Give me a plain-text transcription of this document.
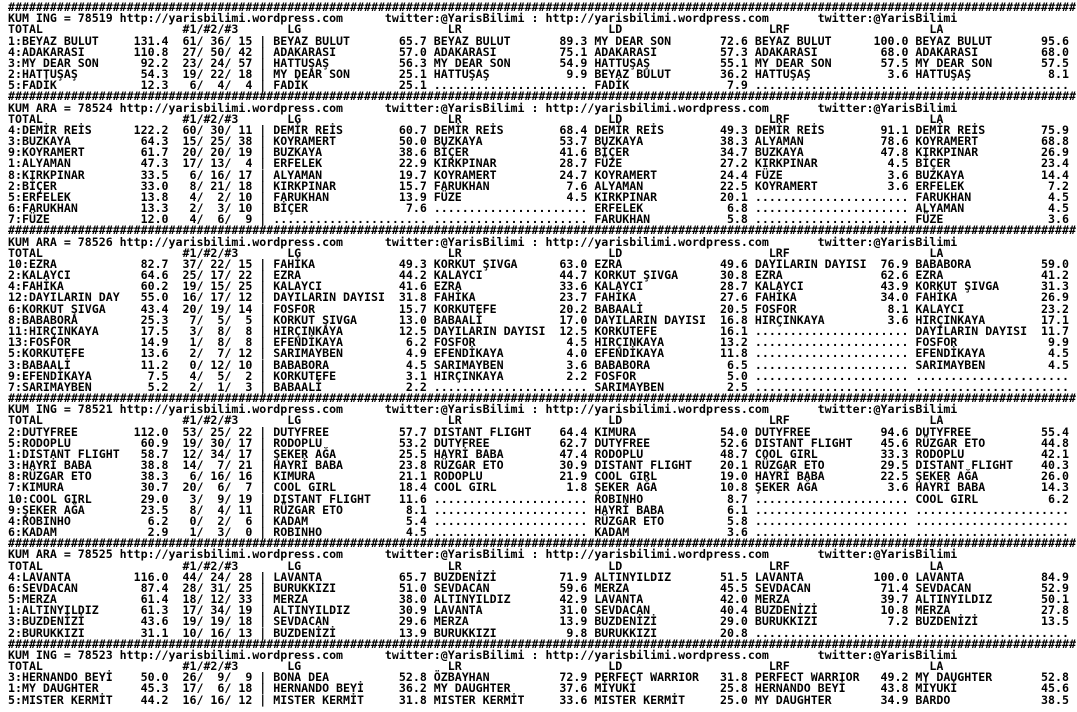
#########################################################################################################################################################
KUM ING = 78519 http://yarisbilimi.wordpress.com      twitter:@YarisBilimi : http://yarisbilimi.wordpress.com       twitter:@YarisBilimi
TOTAL                    #1/#2/#3       LG                     LR                     LD                     LRF                    LA
1:BEYAZ BULUT     131.4  61/ 36/ 15 | BEYAZ BULUT       65.7 BEYAZ BULUT       89.3 MY DEAR SON       72.6 BEYAZ BULUT      100.0 BEYAZ BULUT       95.6
4:ADAKARASI       110.8  27/ 50/ 42 | ADAKARASI         57.0 ADAKARASI         75.1 ADAKARASI         57.3 ADAKARASI         68.0 ADAKARASI         68.0
3:MY DEAR SON      92.2  23/ 24/ 57 | HATTUŞAŞ          56.3 MY DEAR SON       54.9 HATTUŞAŞ          55.1 MY DEAR SON       57.5 MY DEAR SON       57.5
2:HATTUŞAŞ         54.3  19/ 22/ 18 | MY DEAR SON       25.1 HATTUŞAŞ           9.9 BEYAZ BULUT       36.2 HATTUŞAŞ           3.6 HATTUŞAŞ           8.1
5:FADİK            12.3   6/  4/  4 | FADİK             25.1 ...................... FADİK              7.9 ...................... ......................
#########################################################################################################################################################
KUM ARA = 78524 http://yarisbilimi.wordpress.com      twitter:@YarisBilimi : http://yarisbilimi.wordpress.com       twitter:@YarisBilimi
TOTAL                    #1/#2/#3       LG                     LR                     LD                     LRF                    LA
4:DEMİR REİS      122.2  60/ 30/ 11 | DEMİR REİS        60.7 DEMİR REİS        68.4 DEMİR REİS        49.3 DEMİR REİS        91.1 DEMİR REİS        75.9
3:BUZKAYA          64.3  15/ 25/ 38 | KOYRAMERT         50.0 BUZKAYA           53.7 BUZKAYA           38.3 ALYAMAN           78.6 KOYRAMERT         68.8
9:KOYRAMERT        61.7  20/ 20/ 19 | BUZKAYA           38.6 BİÇER             41.6 BİÇER             34.7 BUZKAYA           47.8 KIRKPINAR         26.9
1:ALYAMAN          47.3  17/ 13/  4 | ERFELEK           22.9 KIRKPINAR         28.7 FÜZE              27.2 KIRKPINAR          4.5 BİÇER             23.4
8:KIRKPINAR        33.5   6/ 16/ 17 | ALYAMAN           19.7 KOYRAMERT         24.7 KOYRAMERT         24.4 FÜZE               3.6 BUZKAYA           14.4
2:BİÇER            33.0   8/ 21/ 18 | KIRKPINAR         15.7 FARUKHAN           7.6 ALYAMAN           22.5 KOYRAMERT          3.6 ERFELEK            7.2
5:ERFELEK          13.8   4/  2/ 10 | FARUKHAN          13.9 FÜZE               4.5 KIRKPINAR         20.1 ...................... FARUKHAN           4.5
6:FARUKHAN         13.3   2/  3/ 10 | BİÇER              7.6 ...................... ERFELEK            6.8 ...................... ALYAMAN            4.5
7:FÜZE             12.0   4/  6/  9 | ...................... ...................... FARUKHAN           5.8 ...................... FÜZE               3.6
#########################################################################################################################################################
KUM ARA = 78526 http://yarisbilimi.wordpress.com      twitter:@YarisBilimi : http://yarisbilimi.wordpress.com       twitter:@YarisBilimi
TOTAL                    #1/#2/#3       LG                     LR                     LD                     LRF                    LA
10:EZRA            82.7  37/ 22/ 15 | FAHİKA            49.3 KORKUT ŞIVGA      63.0 EZRA              49.6 DAYILARIN DAYISI  76.9 BABABORA          59.0
2:KALAYCI          64.6  25/ 17/ 22 | EZRA              44.2 KALAYCI           44.7 KORKUT ŞIVGA      30.8 EZRA              62.6 EZRA              41.2
4:FAHİKA           60.2  19/ 15/ 25 | KALAYCI           41.6 EZRA              33.6 KALAYCI           28.7 KALAYCI           43.9 KORKUT ŞIVGA      31.3
12:DAYILARIN DAY   55.0  16/ 17/ 12 | DAYILARIN DAYISI  31.8 FAHİKA            23.7 FAHİKA            27.6 FAHİKA            34.0 FAHİKA            26.9
6:KORKUT ŞIVGA     43.4  20/ 19/ 14 | FOSFOR            15.7 KORKUTEFE         20.2 BABAALİ           20.5 FOSFOR             8.1 KALAYCI           23.2
8:BABABORA         25.3   7/  5/  5 | KORKUT ŞIVGA      13.0 BABAALİ           17.0 DAYILARIN DAYISI  16.8 HIRÇINKAYA         3.6 HIRÇINKAYA        17.1
11:HIRÇINKAYA      17.5   3/  8/  8 | HIRÇINKAYA        12.5 DAYILARIN DAYISI  12.5 KORKUTEFE         16.1 ...................... DAYILARIN DAYISI  11.7
13:FOSFOR          14.9   1/  8/  8 | EFENDİKAYA         6.2 FOSFOR             4.5 HIRÇINKAYA        13.2 ...................... FOSFOR             9.9
5:KORKUTEFE        13.6   2/  7/ 12 | SARIMAYBEN         4.9 EFENDİKAYA         4.0 EFENDİKAYA        11.8 ...................... EFENDİKAYA         4.5
3:BABAALİ          11.2   0/ 12/ 10 | BABABORA           4.5 SARIMAYBEN         3.6 BABABORA           6.5 ...................... SARIMAYBEN         4.5
9:EFENDİKAYA        7.5   4/  5/  2 | KORKUTEFE          3.1 HIRÇINKAYA         2.2 FOSFOR             5.0 ...................... ......................
7:SARIMAYBEN        5.2   2/  1/  3 | BABAALİ            2.2 ...................... SARIMAYBEN         2.5 ...................... ......................
#########################################################################################################################################################
KUM ING = 78521 http://yarisbilimi.wordpress.com      twitter:@YarisBilimi : http://yarisbilimi.wordpress.com       twitter:@YarisBilimi
TOTAL                    #1/#2/#3       LG                     LR                     LD                     LRF                    LA
2:DUTYFREE        112.0  53/ 25/ 22 | DUTYFREE          57.7 DISTANT FLIGHT    64.4 KIMURA            54.0 DUTYFREE          94.6 DUTYFREE          55.4
5:RODOPLU          60.9  19/ 30/ 17 | RODOPLU           53.2 DUTYFREE          62.7 DUTYFREE          52.6 DISTANT FLIGHT    45.6 RÜZGAR ETO        44.8
1:DISTANT FLIGHT   58.7  12/ 34/ 17 | ŞEKER AĞA         25.5 HAYRİ BABA        47.4 RODOPLU           48.7 COOL GIRL         33.3 RODOPLU           42.1
3:HAYRİ BABA       38.8  14/  7/ 21 | HAYRİ BABA        23.8 RÜZGAR ETO        30.9 DISTANT FLIGHT    20.1 RÜZGAR ETO        29.5 DISTANT FLIGHT    40.3
8:RÜZGAR ETO       38.3   6/ 16/ 16 | KIMURA            21.1 RODOPLU           21.9 COOL GIRL         19.0 HAYRİ BABA        22.5 ŞEKER AĞA         26.0
7:KIMURA           30.7  20/  6/  7 | COOL GIRL         18.4 COOL GIRL          1.8 ŞEKER AĞA         10.8 ŞEKER AĞA          3.6 HAYRİ BABA        14.3
10:COOL GIRL       29.0   3/  9/ 19 | DISTANT FLIGHT    11.6 ...................... ROBINHO            8.7 ...................... COOL GIRL          6.2
9:ŞEKER AĞA        23.5   8/  4/ 11 | RÜZGAR ETO         8.1 ...................... HAYRİ BABA         6.1 ...................... ......................
4:ROBINHO           6.2   0/  2/  6 | KADAM              5.4 ...................... RÜZGAR ETO         5.8 ...................... ......................
6:KADAM             2.9   1/  3/  0 | ROBINHO            4.5 ...................... KADAM              3.6 ...................... ......................
#########################################################################################################################################################
KUM ARA = 78525 http://yarisbilimi.wordpress.com      twitter:@YarisBilimi : http://yarisbilimi.wordpress.com       twitter:@YarisBilimi
TOTAL                    #1/#2/#3       LG                     LR                     LD                     LRF                    LA
4:LAVANTA         116.0  44/ 24/ 28 | LAVANTA           65.7 BUZDENİZİ         71.9 ALTINYILDIZ       51.5 LAVANTA          100.0 LAVANTA           84.9
6:SEVDACAN         87.4  28/ 31/ 25 | BURUKKIZI         51.0 SEVDACAN          59.6 MERZA             45.5 SEVDACAN          71.4 SEVDACAN          52.9
5:MERZA            61.4  18/ 12/ 33 | MERZA             38.0 ALTINYILDIZ       42.9 LAVANTA           42.0 MERZA             39.7 ALTINYILDIZ       50.1
1:ALTINYILDIZ      61.3  17/ 34/ 19 | ALTINYILDIZ       30.9 LAVANTA           31.0 SEVDACAN          40.4 BUZDENİZİ         10.8 MERZA             27.8
3:BUZDENİZİ        43.6  19/ 19/ 18 | SEVDACAN          29.6 MERZA             13.9 BUZDENİZİ         29.0 BURUKKIZI          7.2 BUZDENİZİ         13.5
2:BURUKKIZI        31.1  10/ 16/ 13 | BUZDENİZİ         13.9 BURUKKIZI          9.8 BURUKKIZI         20.8 ...................... ......................
#########################################################################################################################################################
KUM ING = 78523 http://yarisbilimi.wordpress.com      twitter:@YarisBilimi : http://yarisbilimi.wordpress.com       twitter:@YarisBilimi
TOTAL                    #1/#2/#3       LG                     LR                     LD                     LRF                    LA
3:HERNANDO BEYİ    50.0  26/  9/  9 | BONA DEA          52.8 ÖZBAYHAN          72.9 PERFECT WARRIOR   31.8 PERFECT WARRIOR   49.2 MY DAUGHTER       52.8
1:MY DAUGHTER      45.3  17/  6/ 18 | HERNANDO BEYİ     36.2 MY DAUGHTER       37.6 MİYUKİ            25.8 HERNANDO BEYİ     43.8 MİYUKİ            45.6
5:MISTER KERMİT    44.2  16/ 16/ 12 | MISTER KERMİT     31.8 MISTER KERMİT     33.6 MISTER KERMİT     25.0 MY DAUGHTER       34.9 BARDO             38.5
